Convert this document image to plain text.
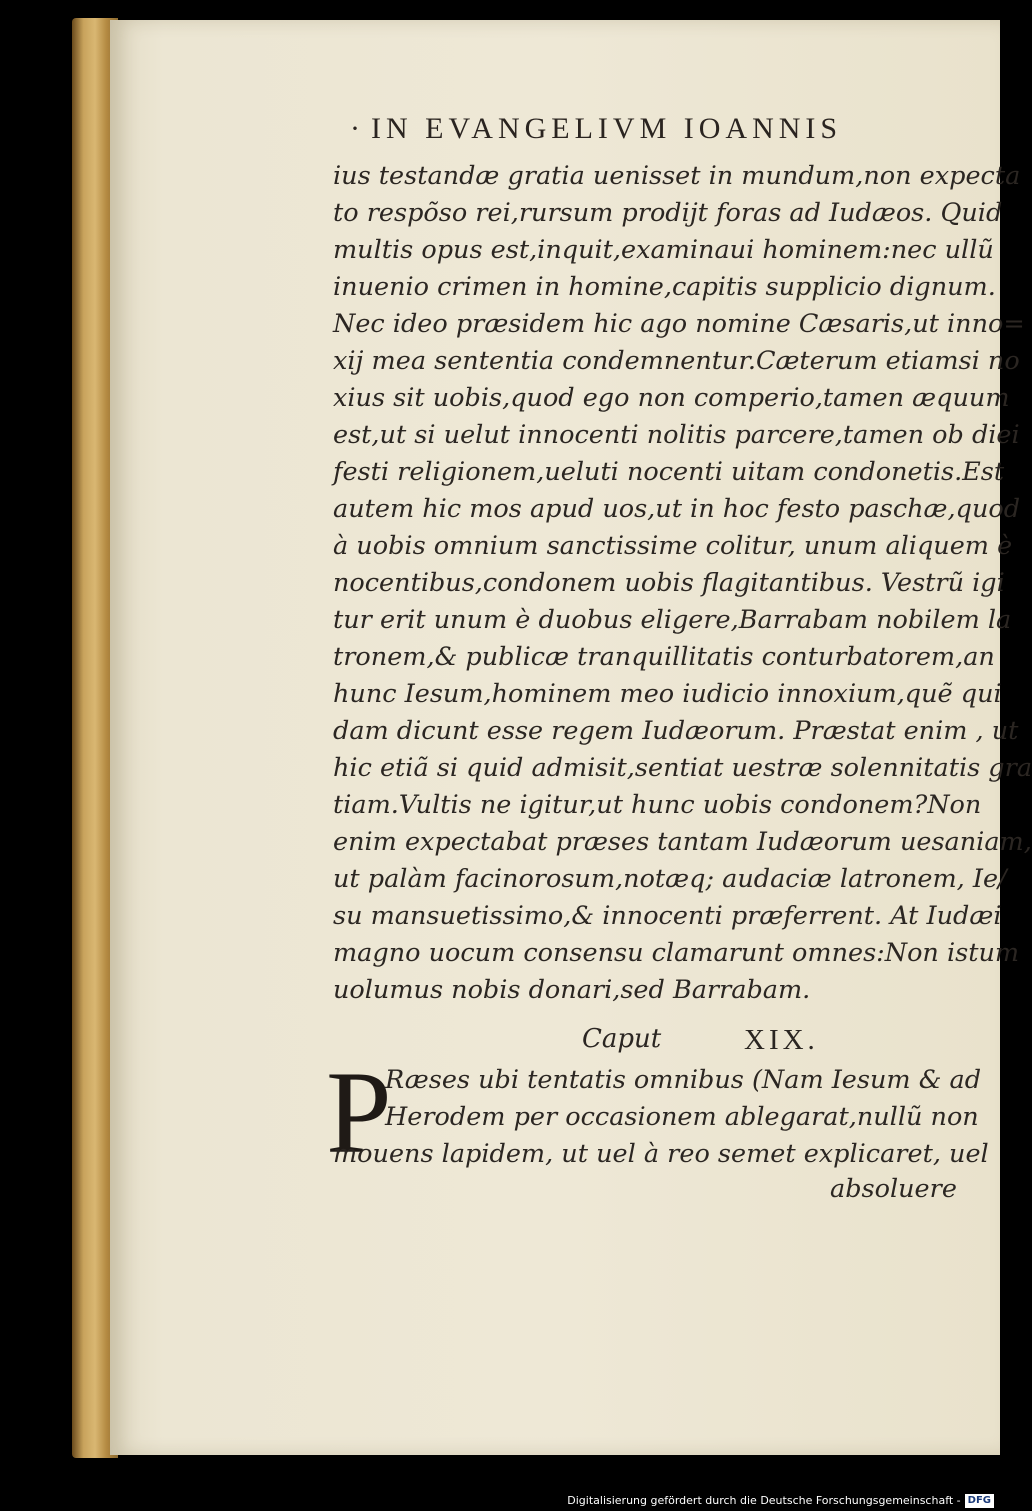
· IN EVANGELIVM IOANNIS
ius testandæ gratia uenisset in mundum,non expecta
to respõso rei,rursum prodijt foras ad Iudæos. Quid
multis opus est,inquit,examinaui hominem:nec ullũ
inuenio crimen in homine,capitis supplicio dignum.
Nec ideo præsidem hic ago nomine Cæsaris,ut inno=
xij mea sententia condemnentur.Cæterum etiamsi no
xius sit uobis,quod ego non comperio,tamen æquum
est,ut si uelut innocenti nolitis parcere,tamen ob diei
festi religionem,ueluti nocenti uitam condonetis.Est
autem hic mos apud uos,ut in hoc festo paschæ,quod
à uobis omnium sanctissime colitur, unum aliquem è
nocentibus,condonem uobis flagitantibus. Vestrũ igi
tur erit unum è duobus eligere,Barrabam nobilem la
tronem,& publicæ tranquillitatis conturbatorem,an
hunc Iesum,hominem meo iudicio innoxium,quẽ qui
dam dicunt esse regem Iudæorum. Præstat enim , ut
hic etiã si quid admisit,sentiat uestræ solennitatis gra
tiam.Vultis ne igitur,ut hunc uobis condonem?Non
enim expectabat præses tantam Iudæorum uesaniam,
ut palàm facinorosum,notæq; audaciæ latronem, Ie/
su mansuetissimo,& innocenti præferrent. At Iudæi
magno uocum consensu clamarunt omnes:Non istum
uolumus nobis donari,sed Barrabam.
Caput	XIX.
P
Ræses ubi tentatis omnibus (Nam Iesum & ad
Herodem per occasionem ablegarat,nullũ non
mouens lapidem, ut uel à reo semet explicaret, uel
absoluere
Digitalisierung gefördert durch die Deutsche Forschungsgemeinschaft - DFG
